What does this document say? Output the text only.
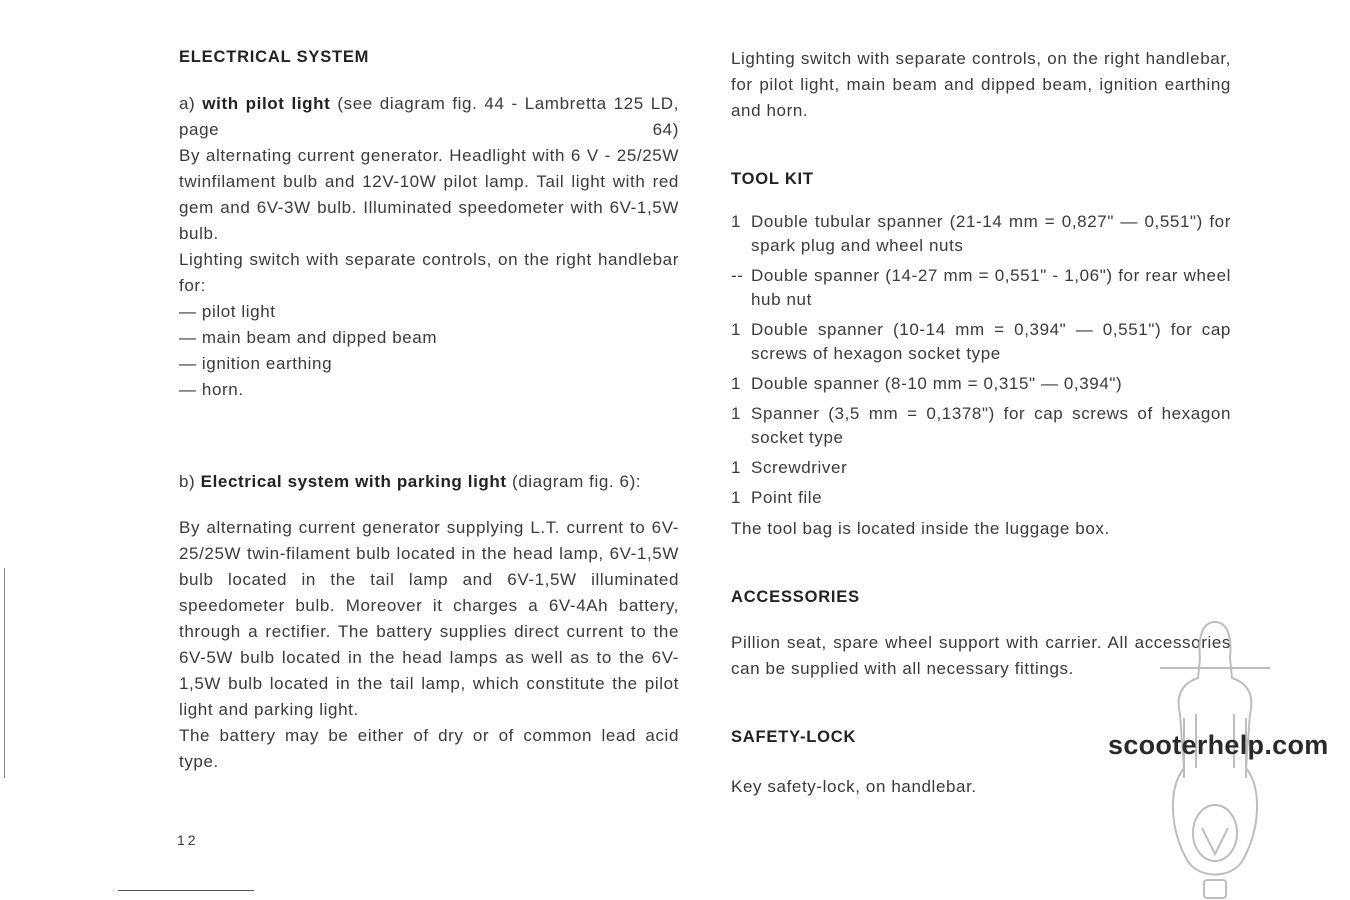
ELECTRICAL SYSTEM

a) with pilot light (see diagram fig. 44 - Lambretta 125 LD, page 64)

By alternating current generator. Headlight with 6 V - 25/25W twinfilament bulb and 12V-10W pilot lamp. Tail light with red gem and 6V-3W bulb. Illuminated speedometer with 6V-1,5W bulb.

Lighting switch with separate controls, on the right handlebar for:

— pilot light
— main beam and dipped beam
— ignition earthing
— horn.

b) Electrical system with parking light (diagram fig. 6):

By alternating current generator supplying L.T. current to 6V-25/25W twin-filament bulb located in the head lamp, 6V-1,5W bulb located in the tail lamp and 6V-1,5W illuminated speedometer bulb. Moreover it charges a 6V-4Ah battery, through a rectifier. The battery supplies direct current to the 6V-5W bulb located in the head lamps as well as to the 6V-1,5W bulb located in the tail lamp, which constitute the pilot light and parking light.

The battery may be either of dry or of common lead acid type.

Lighting switch with separate controls, on the right handlebar, for pilot light, main beam and dipped beam, ignition earthing and horn.

TOOL KIT
1 Double tubular spanner (21-14 mm = 0,827" — 0,551") for spark plug and wheel nuts
-- Double spanner (14-27 mm = 0,551" - 1,06") for rear wheel hub nut
1 Double spanner (10-14 mm = 0,394" — 0,551") for cap screws of hexagon socket type
1 Double spanner (8-10 mm = 0,315" — 0,394")
1 Spanner (3,5 mm = 0,1378") for cap screws of hexagon socket type
1 Screwdriver
1 Point file

The tool bag is located inside the luggage box.

ACCESSORIES

Pillion seat, spare wheel support with carrier. All accessories can be supplied with all necessary fittings.

SAFETY-LOCK

Key safety-lock, on handlebar.

scooterhelp.com
12
